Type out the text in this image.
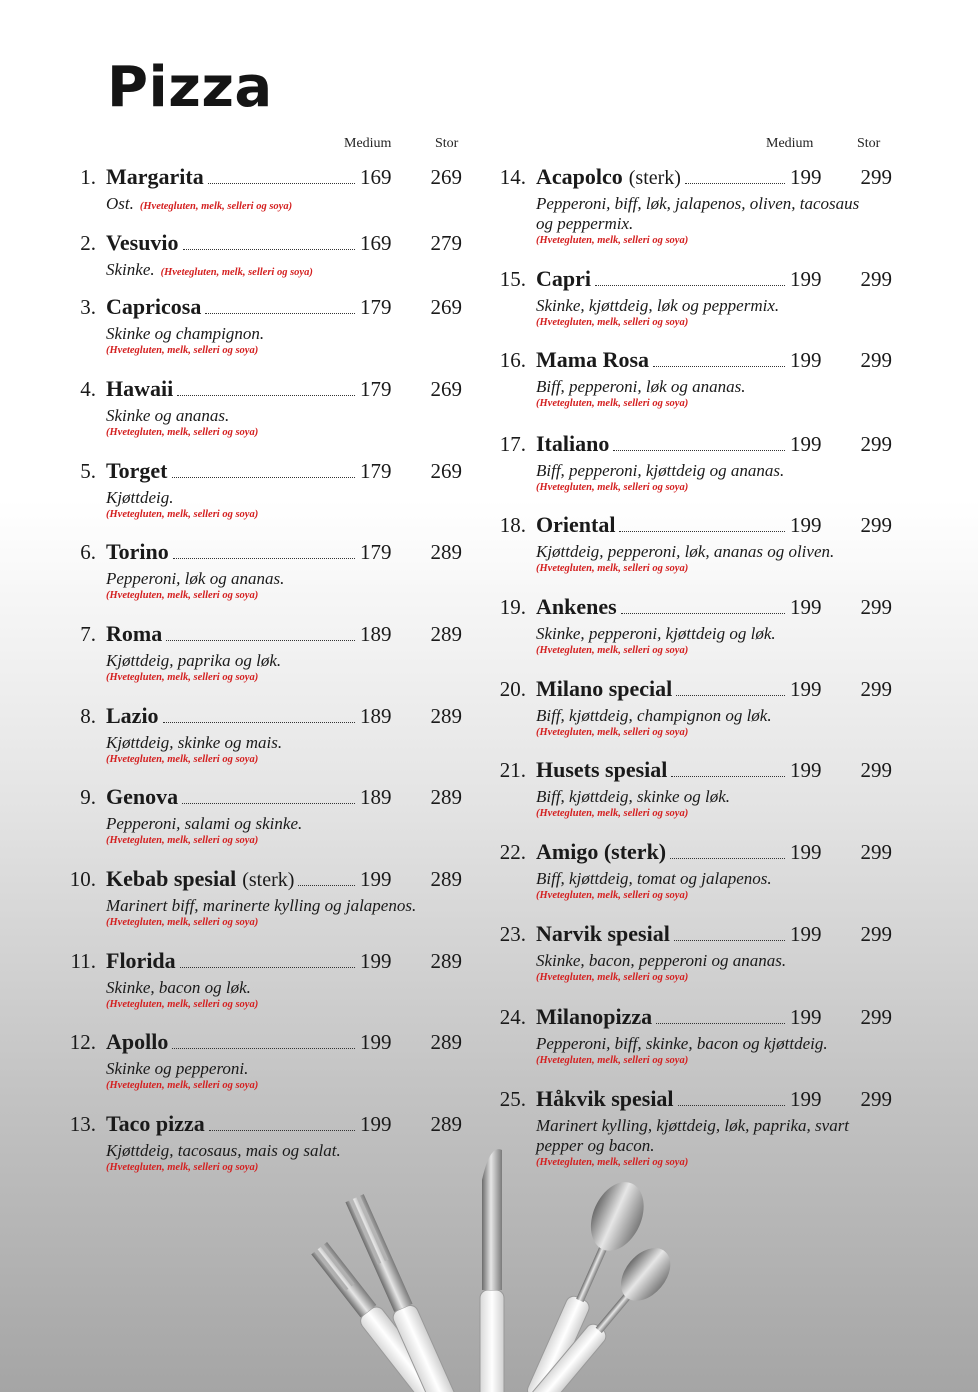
Pizza
Medium	Stor	Medium	Stor
1. Margarita	169	269
Ost. (Hvetegluten, melk, selleri og soya)
2. Vesuvio	169	279
Skinke. (Hvetegluten, melk, selleri og soya)
3. Capricosa	179	269
Skinke og champignon.
(Hvetegluten, melk, selleri og soya)
4. Hawaii	179	269
Skinke og ananas.
(Hvetegluten, melk, selleri og soya)
5. Torget	179	269
Kjøttdeig.
(Hvetegluten, melk, selleri og soya)
6. Torino	179	289
Pepperoni, løk og ananas.
(Hvetegluten, melk, selleri og soya)
7. Roma	189	289
Kjøttdeig, paprika og løk.
(Hvetegluten, melk, selleri og soya)
8. Lazio	189	289
Kjøttdeig, skinke og mais.
(Hvetegluten, melk, selleri og soya)
9. Genova	189	289
Pepperoni, salami og skinke.
(Hvetegluten, melk, selleri og soya)
10. Kebab spesial (sterk)	199	289
Marinert biff, marinerte kylling og jalapenos.
(Hvetegluten, melk, selleri og soya)
11. Florida	199	289
Skinke, bacon og løk.
(Hvetegluten, melk, selleri og soya)
12. Apollo	199	289
Skinke og pepperoni.
(Hvetegluten, melk, selleri og soya)
13. Taco pizza	199	289
Kjøttdeig, tacosaus, mais og salat.
(Hvetegluten, melk, selleri og soya)
14. Acapolco (sterk)	199	299
Pepperoni, biff, løk, jalapenos, oliven, tacosaus og peppermix.
(Hvetegluten, melk, selleri og soya)
15. Capri	199	299
Skinke, kjøttdeig, løk og peppermix.
(Hvetegluten, melk, selleri og soya)
16. Mama Rosa	199	299
Biff, pepperoni, løk og ananas.
(Hvetegluten, melk, selleri og soya)
17. Italiano	199	299
Biff, pepperoni, kjøttdeig og ananas.
(Hvetegluten, melk, selleri og soya)
18. Oriental	199	299
Kjøttdeig, pepperoni, løk, ananas og oliven.
(Hvetegluten, melk, selleri og soya)
19. Ankenes	199	299
Skinke, pepperoni, kjøttdeig og løk.
(Hvetegluten, melk, selleri og soya)
20. Milano special	199	299
Biff, kjøttdeig, champignon og løk.
(Hvetegluten, melk, selleri og soya)
21. Husets spesial	199	299
Biff, kjøttdeig, skinke og løk.
(Hvetegluten, melk, selleri og soya)
22. Amigo (sterk)	199	299
Biff, kjøttdeig, tomat og jalapenos.
(Hvetegluten, melk, selleri og soya)
23. Narvik spesial	199	299
Skinke, bacon, pepperoni og ananas.
(Hvetegluten, melk, selleri og soya)
24. Milanopizza	199	299
Pepperoni, biff, skinke, bacon og kjøttdeig.
(Hvetegluten, melk, selleri og soya)
25. Håkvik spesial	199	299
Marinert kylling, kjøttdeig, løk, paprika, svart pepper og bacon.
(Hvetegluten, melk, selleri og soya)
